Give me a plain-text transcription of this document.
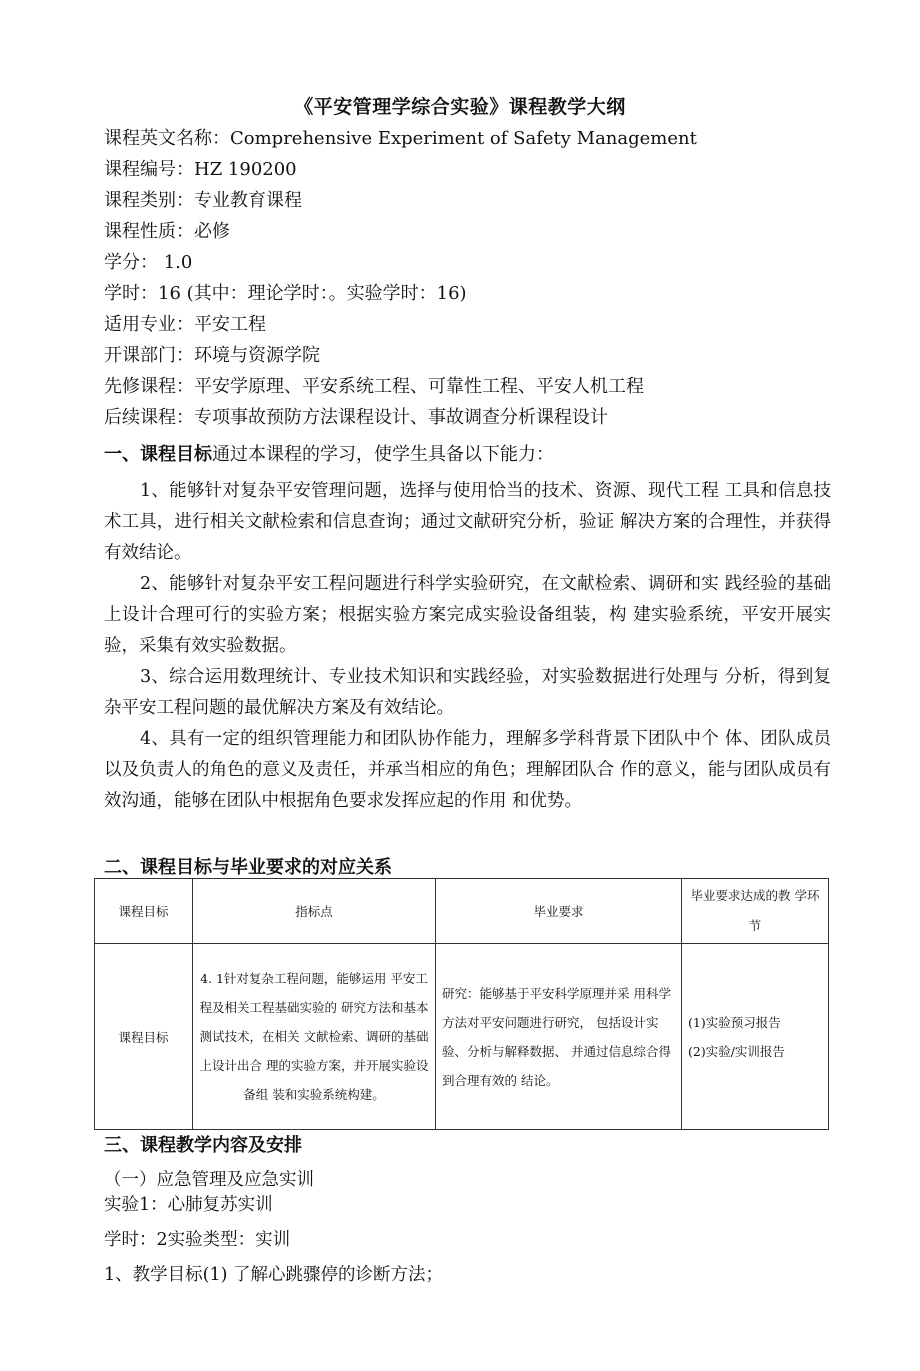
《平安管理学综合实验》课程教学大纲
课程英文名称：Comprehensive Experiment of Safety Management
课程编号：HZ 190200
课程类别：专业教育课程
课程性质：必修
学分： 1.0
学时：16 (其中：理论学时：。实验学时：16)
适用专业：平安工程
开课部门：环境与资源学院
先修课程：平安学原理、平安系统工程、可靠性工程、平安人机工程
后续课程：专项事故预防方法课程设计、事故调查分析课程设计
一、课程目标通过本课程的学习，使学生具备以下能力：
1、能够针对复杂平安管理问题，选择与使用恰当的技术、资源、现代工程 工具和信息技术工具，进行相关文献检索和信息查询；通过文献研究分析，验证 解决方案的合理性，并获得有效结论。
2、能够针对复杂平安工程问题进行科学实验研究，在文献检索、调研和实 践经验的基础上设计合理可行的实验方案；根据实验方案完成实验设备组装，构 建实验系统，平安开展实验，采集有效实验数据。
3、综合运用数理统计、专业技术知识和实践经验，对实验数据进行处理与 分析，得到复杂平安工程问题的最优解决方案及有效结论。
4、具有一定的组织管理能力和团队协作能力，理解多学科背景下团队中个 体、团队成员以及负责人的角色的意义及责任，并承当相应的角色；理解团队合 作的意义，能与团队成员有效沟通，能够在团队中根据角色要求发挥应起的作用 和优势。
二、课程目标与毕业要求的对应关系
课程目标	指标点	毕业要求	毕业要求达成的教 学环节
课程目标	4. 1针对复杂工程问题，能够运用 平安工程及相关工程基础实验的 研究方法和基本测试技术，在相关 文献检索、调研的基础上设计出合 理的实验方案，并开展实验设备组 装和实验系统构建。	研究：能够基于平安科学原理并采 用科学方法对平安问题进行研究， 包括设计实验、分析与解释数据、 并通过信息综合得到合理有效的 结论。	(1)实验预习报告
(2)实验/实训报告
三、课程教学内容及安排
（一）应急管理及应急实训
实验1：心肺复苏实训
学时：2实验类型：实训
1、教学目标(1) 了解心跳骤停的诊断方法；
